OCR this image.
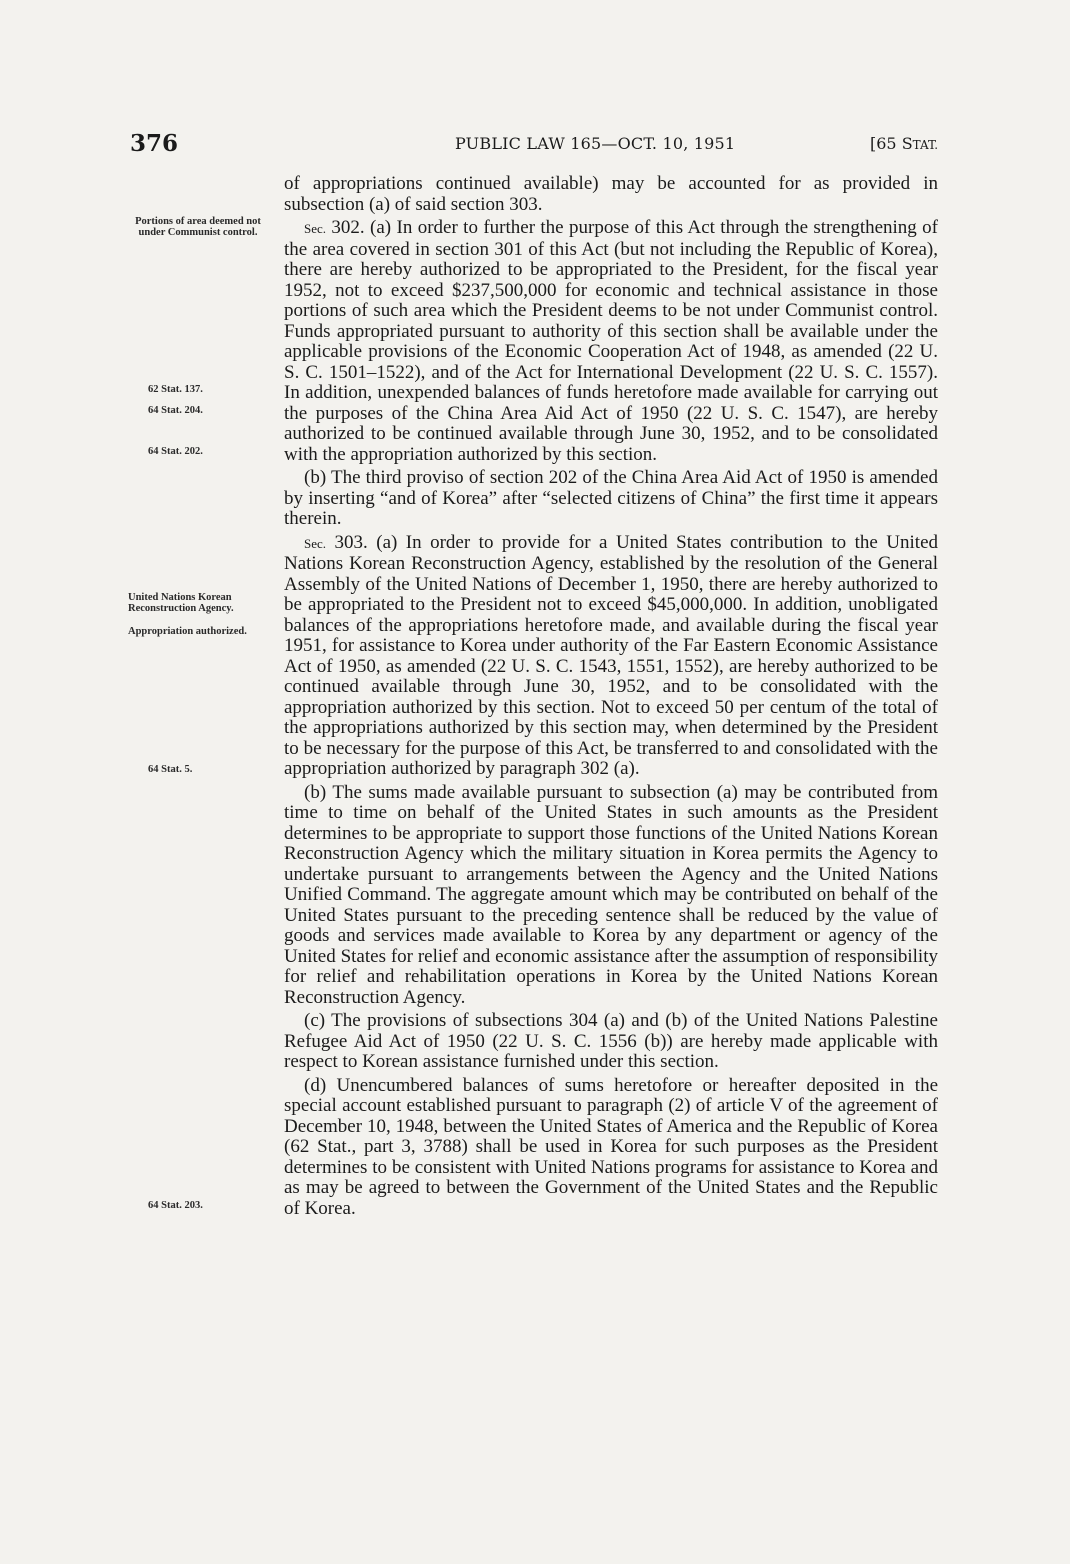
376	PUBLIC LAW 165—OCT. 10, 1951	[65 STAT.
Portions of area deemed not under Communist control.
62 Stat. 137.
64 Stat. 204.
64 Stat. 202.
United Nations Korean Reconstruction Agency.
Appropriation authorized.
64 Stat. 5.
64 Stat. 203.

of appropriations continued available) may be accounted for as provided in subsection (a) of said section 303.

Sec. 302. (a) In order to further the purpose of this Act through the strengthening of the area covered in section 301 of this Act (but not including the Republic of Korea), there are hereby authorized to be appropriated to the President, for the fiscal year 1952, not to exceed $237,500,000 for economic and technical assistance in those portions of such area which the President deems to be not under Communist control. Funds appropriated pursuant to authority of this section shall be available under the applicable provisions of the Economic Cooperation Act of 1948, as amended (22 U. S. C. 1501–1522), and of the Act for International Development (22 U. S. C. 1557). In addition, unexpended balances of funds heretofore made available for carrying out the purposes of the China Area Aid Act of 1950 (22 U. S. C. 1547), are hereby authorized to be continued available through June 30, 1952, and to be consolidated with the appropriation authorized by this section.

(b) The third proviso of section 202 of the China Area Aid Act of 1950 is amended by inserting “and of Korea” after “selected citizens of China” the first time it appears therein.

Sec. 303. (a) In order to provide for a United States contribution to the United Nations Korean Reconstruction Agency, established by the resolution of the General Assembly of the United Nations of December 1, 1950, there are hereby authorized to be appropriated to the President not to exceed $45,000,000. In addition, unobligated balances of the appropriations heretofore made, and available during the fiscal year 1951, for assistance to Korea under authority of the Far Eastern Economic Assistance Act of 1950, as amended (22 U. S. C. 1543, 1551, 1552), are hereby authorized to be continued available through June 30, 1952, and to be consolidated with the appropriation authorized by this section. Not to exceed 50 per centum of the total of the appropriations authorized by this section may, when determined by the President to be necessary for the purpose of this Act, be transferred to and consolidated with the appropriation authorized by paragraph 302 (a).

(b) The sums made available pursuant to subsection (a) may be contributed from time to time on behalf of the United States in such amounts as the President determines to be appropriate to support those functions of the United Nations Korean Reconstruction Agency which the military situation in Korea permits the Agency to undertake pursuant to arrangements between the Agency and the United Nations Unified Command. The aggregate amount which may be contributed on behalf of the United States pursuant to the preceding sentence shall be reduced by the value of goods and services made available to Korea by any department or agency of the United States for relief and economic assistance after the assumption of responsibility for relief and rehabilitation operations in Korea by the United Nations Korean Reconstruction Agency.

(c) The provisions of subsections 304 (a) and (b) of the United Nations Palestine Refugee Aid Act of 1950 (22 U. S. C. 1556 (b)) are hereby made applicable with respect to Korean assistance furnished under this section.

(d) Unencumbered balances of sums heretofore or hereafter deposited in the special account established pursuant to paragraph (2) of article V of the agreement of December 10, 1948, between the United States of America and the Republic of Korea (62 Stat., part 3, 3788) shall be used in Korea for such purposes as the President determines to be consistent with United Nations programs for assistance to Korea and as may be agreed to between the Government of the United States and the Republic of Korea.
